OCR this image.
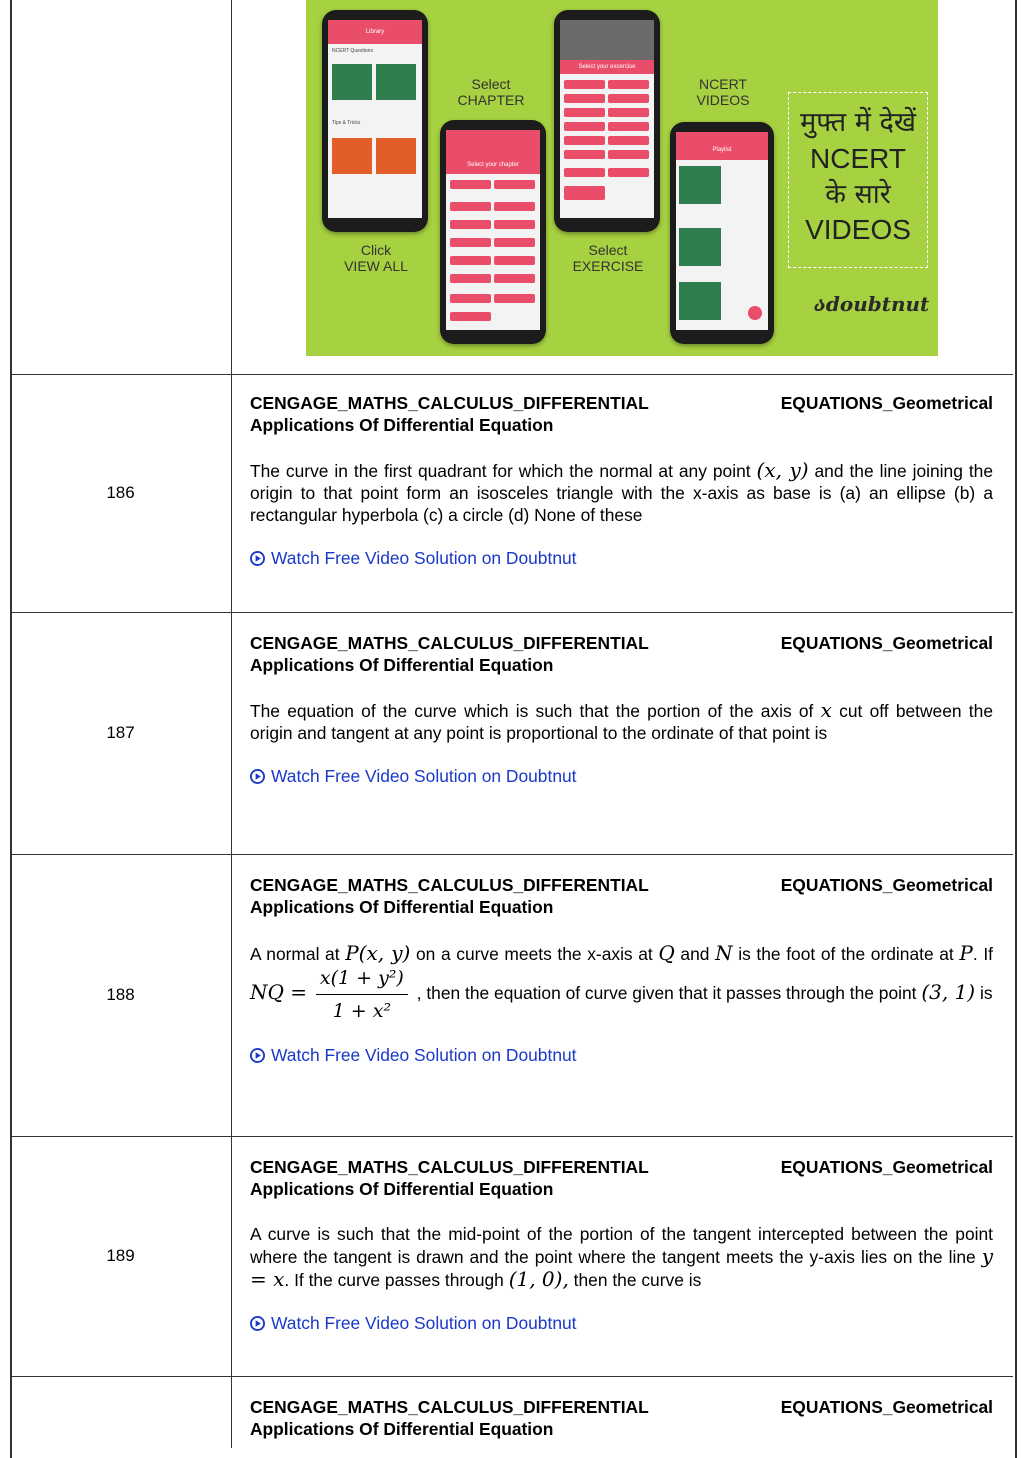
Library
NCERT Questions
Tips & Tricks
Select your chapter
Select your excercise
Playlist
Select
CHAPTER
NCERT
VIDEOS
Click
VIEW ALL
Select
EXERCISE
मुफ्त में देखें
NCERT
के सारे
VIDEOS
აdoubtnut
186
CENGAGE_MATHS_CALCULUS_DIFFERENTIAL	EQUATIONS_Geometrical
Applications Of Differential Equation
The curve in the first quadrant for which the normal at any point (x, y) and the line joining the origin to that point form an isosceles triangle with the x-axis as base is (a) an ellipse (b) a rectangular hyperbola (c) a circle (d) None of these
Watch Free Video Solution on Doubtnut
187
CENGAGE_MATHS_CALCULUS_DIFFERENTIAL	EQUATIONS_Geometrical
Applications Of Differential Equation
The equation of the curve which is such that the portion of the axis of x cut off between the origin and tangent at any point is proportional to the ordinate of that point is
Watch Free Video Solution on Doubtnut
188
CENGAGE_MATHS_CALCULUS_DIFFERENTIAL	EQUATIONS_Geometrical
Applications Of Differential Equation
A normal at P(x, y) on a curve meets the x-axis at Q and N is the foot of the ordinate at P. If NQ = $\frac{\text{x(1 + y²)}}{\text{1 + x²}}$ , then the equation of curve given that it passes through the point (3, 1) is
Watch Free Video Solution on Doubtnut
189
CENGAGE_MATHS_CALCULUS_DIFFERENTIAL	EQUATIONS_Geometrical
Applications Of Differential Equation
A curve is such that the mid-point of the portion of the tangent intercepted between the point where the tangent is drawn and the point where the tangent meets the y-axis lies on the line y = x. If the curve passes through (1, 0), then the curve is
Watch Free Video Solution on Doubtnut
CENGAGE_MATHS_CALCULUS_DIFFERENTIAL	EQUATIONS_Geometrical
Applications Of Differential Equation
